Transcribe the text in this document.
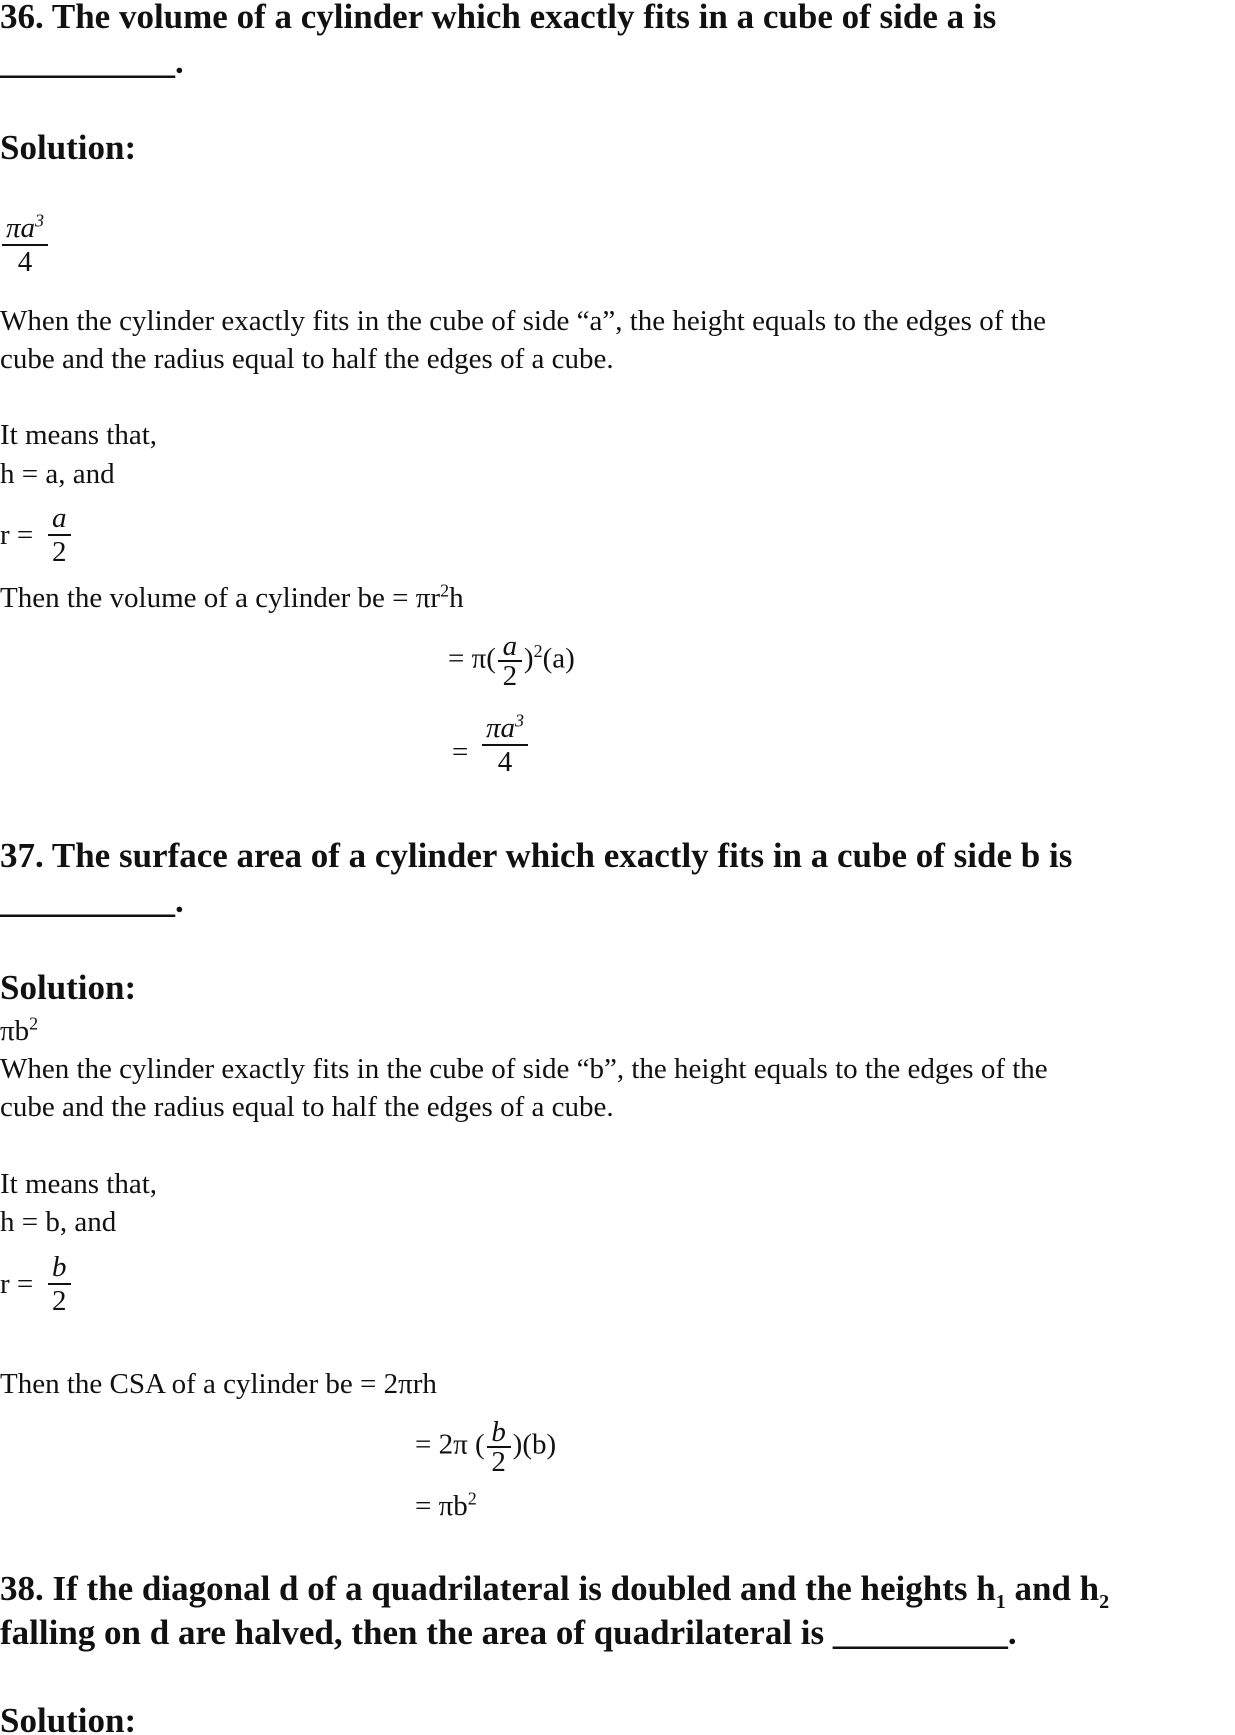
36. The volume of a cylinder which exactly fits in a cube of side a is
__________.
Solution:
$\pi a^3$
4
When the cylinder exactly fits in the cube of side “a”, the height equals to the edges of the
cube and the radius equal to half the edges of a cube.
It means that,
h = a, and
r =
a
2
Then the volume of a cylinder be = $\pi r^2h$
= $\pi( \frac{a}{2} )^2(a)$
=
$\pi a^3$
4
37. The surface area of a cylinder which exactly fits in a cube of side b is
__________.
Solution:
$\pi b^2$
When the cylinder exactly fits in the cube of side “b”, the height equals to the edges of the
cube and the radius equal to half the edges of a cube.
It means that,
h = b, and
r =
b
2
Then the CSA of a cylinder be = 2πrh
= 2π ( $\frac{b}{2} )(b)$
= $\pi b^2$
38. If the diagonal d of a quadrilateral is doubled and the heights $h_1$ and $h_2$
falling on d are halved, then the area of quadrilateral is __________.
Solution:
